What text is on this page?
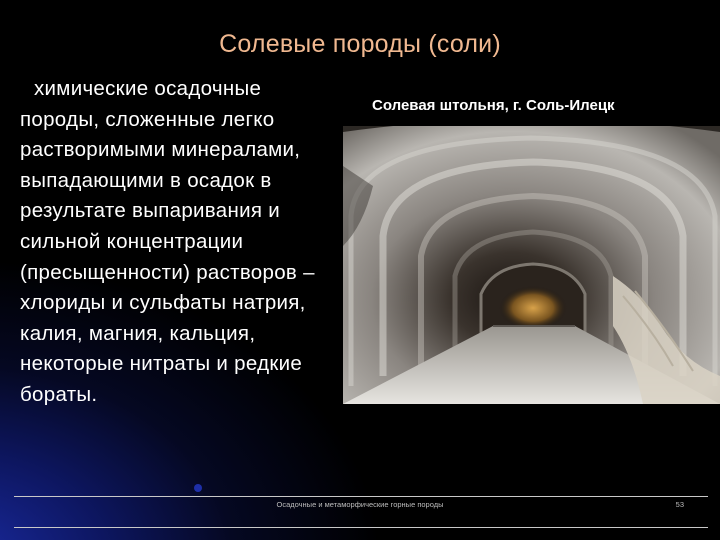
Солевые породы (соли)
химические осадочные породы, сложенные легко растворимыми минералами, выпадающими в осадок в результате выпаривания и сильной концентрации (пресыщенности) растворов – хлориды и сульфаты натрия, калия, магния, кальция, некоторые нитраты и редкие бораты.
Солевая штольня, г. Соль-Илецк
Осадочные и метаморфические горные породы	53
